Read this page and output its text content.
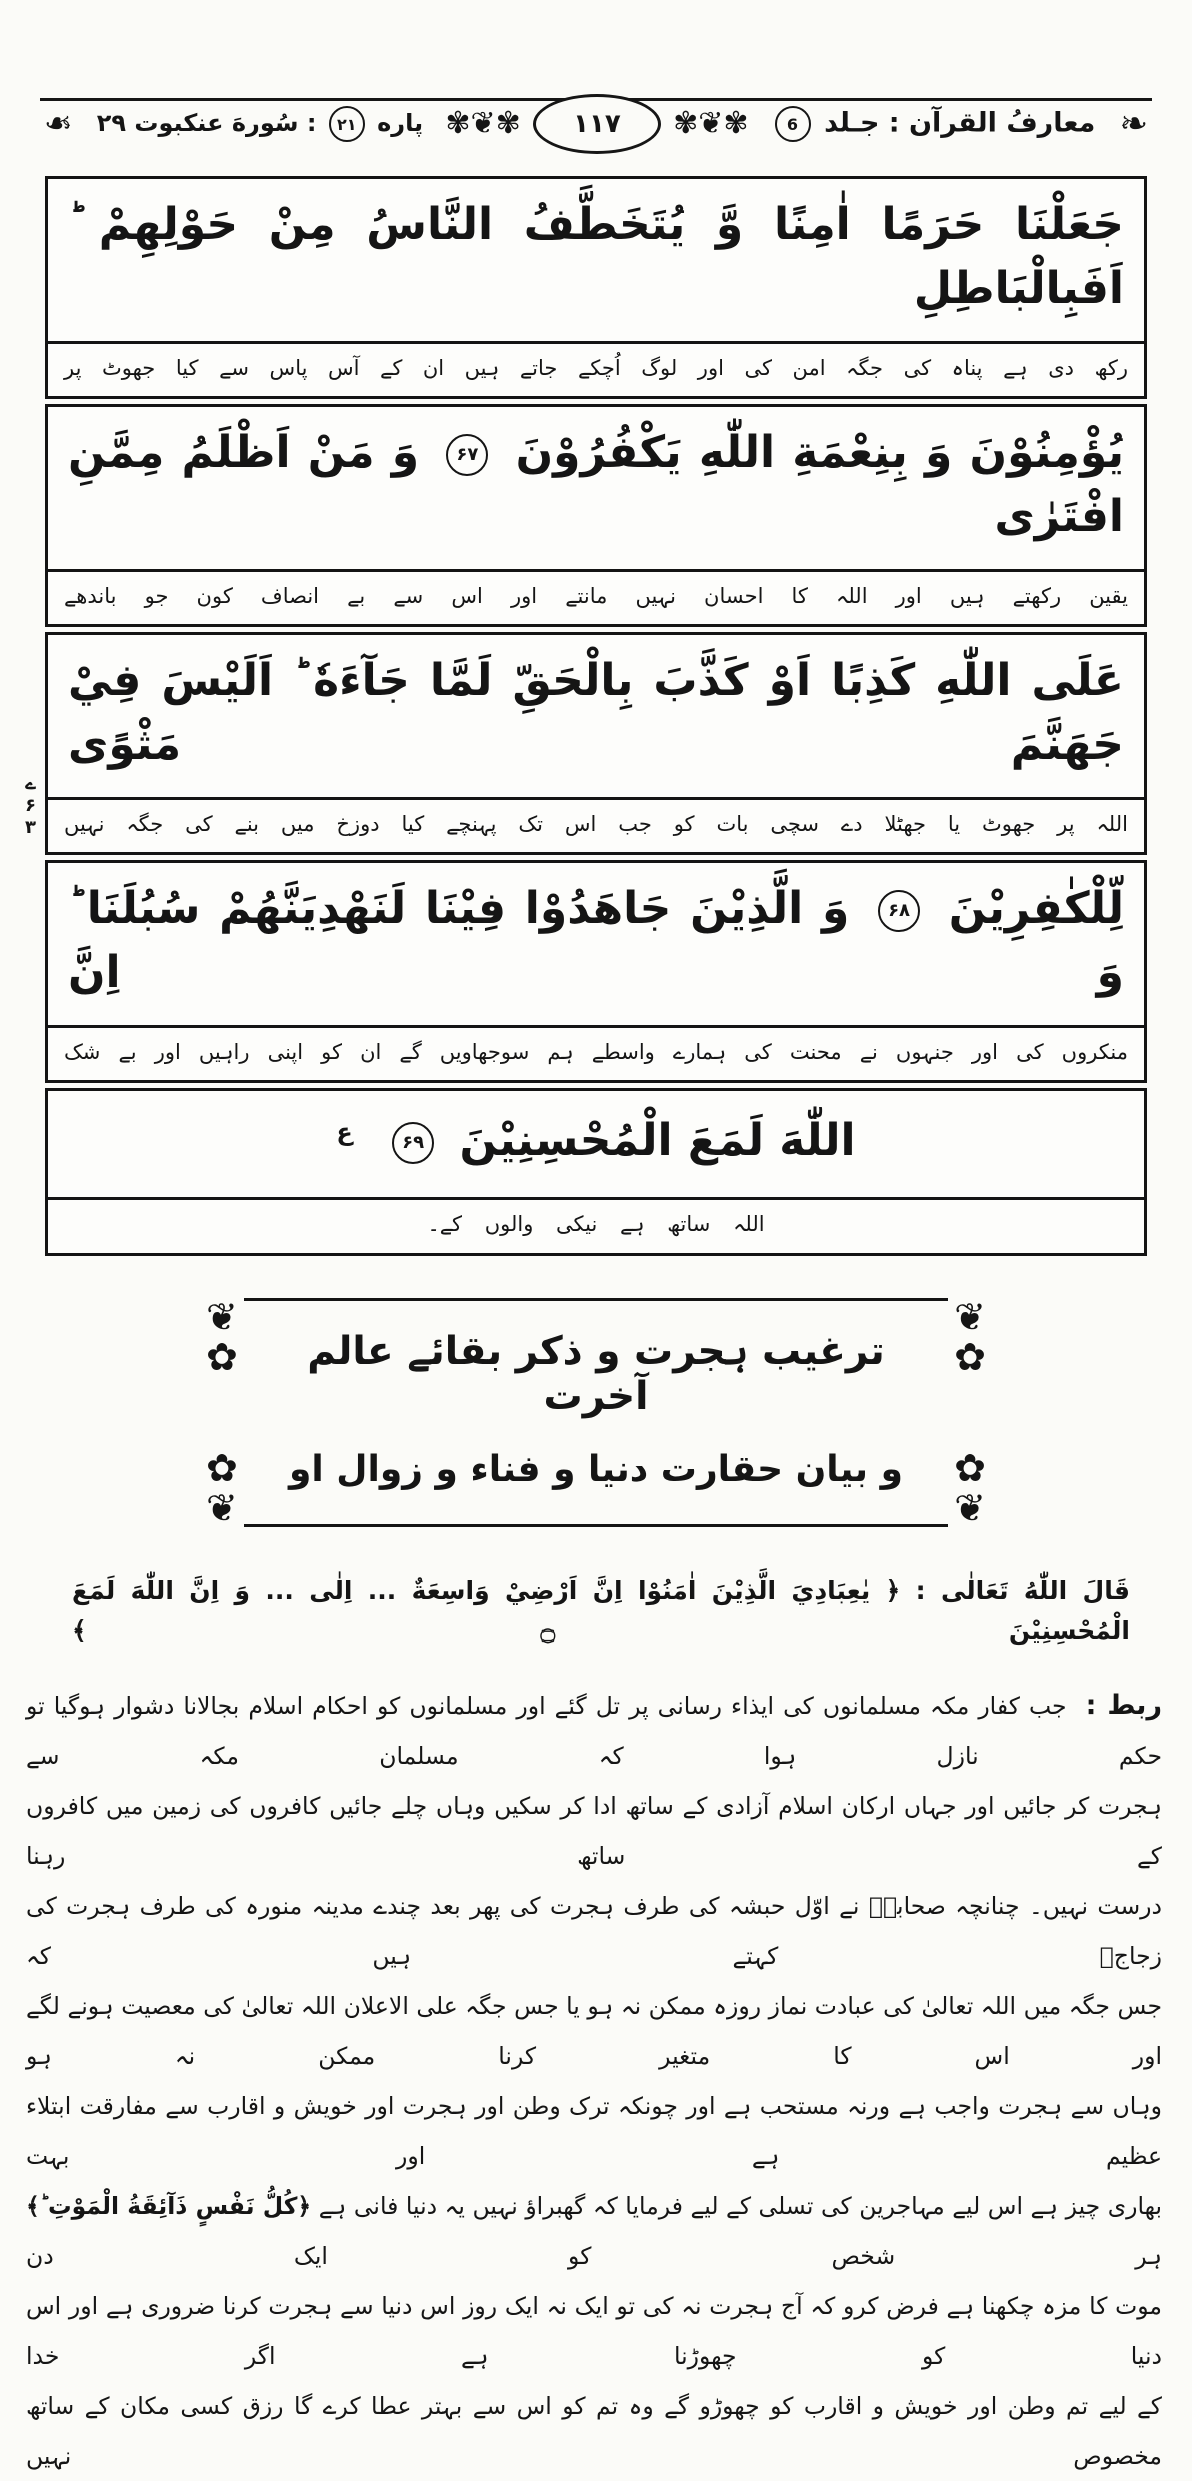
❧
معارفُ القرآن : جـلد 6
✾❦✾
١١٧
✾❦✾
پاره ۲۱ : سُورهَ عنكبوت ۲۹
❧
جَعَلْنَا حَرَمًا اٰمِنًا وَّ يُتَخَطَّفُ النَّاسُ مِنْ حَوْلِهِمْ ؕ اَفَبِالْبَاطِلِ
رکھ دی ہے پناہ کی جگہ امن کی اور لوگ اُچکے جاتے ہیں ان کے آس پاس سے کیا جھوٹ پر
يُؤْمِنُوْنَ وَ بِنِعْمَةِ اللّٰهِ يَكْفُرُوْنَ ۶۷ وَ مَنْ اَظْلَمُ مِمَّنِ افْتَرٰى
یقین رکھتے ہیں اور اللہ کا احسان نہیں مانتے اور اس سے بے انصاف کون جو باندھے
عَلَى اللّٰهِ كَذِبًا اَوْ كَذَّبَ بِالْحَقِّ لَمَّا جَآءَهٗ ؕ اَلَيْسَ فِيْ جَهَنَّمَ مَثْوًى
اللہ پر جھوٹ یا جھٹلا دے سچی بات کو جب اس تک پہنچے کیا دوزخ میں بنے کی جگہ نہیں
لِّلْكٰفِرِيْنَ ۶۸ وَ الَّذِيْنَ جَاهَدُوْا فِيْنَا لَنَهْدِيَنَّهُمْ سُبُلَنَا ؕ وَ اِنَّ
منکروں کی اور جنہوں نے محنت کی ہمارے واسطے ہم سوجھاویں گے ان کو اپنی راہیں اور بے شک
اللّٰهَ لَمَعَ الْمُحْسِنِيْنَ ۶۹ $^ع$
اللہ ساتھ ہے نیکی والوں کے۔
ے
۶
۳
❦
✿
✿
❦
ترغیب ہجرت و ذکر بقائے عالم آخرت
و بیان حقارت دنیا و فناء و زوال او
❦
✿
✿
❦
قَالَ اللّٰهُ تَعَالٰی : ﴿ يٰعِبَادِيَ الَّذِيْنَ اٰمَنُوْا اِنَّ اَرْضِيْ وَاسِعَةٌ ... اِلٰی ... وَ اِنَّ اللّٰهَ لَمَعَ الْمُحْسِنِيْنَ ۝ ﴾
ربط : جب کفار مکہ مسلمانوں کی ایذاء رسانی پر تل گئے اور مسلمانوں کو احکام اسلام بجالانا دشوار ہوگیا تو حکم نازل ہوا کہ مسلمان مکہ سے
ہجرت کر جائیں اور جہاں ارکان اسلام آزادی کے ساتھ ادا کر سکیں وہاں چلے جائیں کافروں کی زمین میں کافروں کے ساتھ رہنا
درست نہیں۔ چنانچہ صحابہؓ نے اوّل حبشہ کی طرف ہجرت کی پھر بعد چندے مدینہ منورہ کی طرف ہجرت کی زجاجؒ کہتے ہیں کہ
جس جگہ میں اللہ تعالیٰ کی عبادت نماز روزہ ممکن نہ ہو یا جس جگہ علی الاعلان اللہ تعالیٰ کی معصیت ہونے لگے اور اس کا متغیر کرنا ممکن نہ ہو
وہاں سے ہجرت واجب ہے ورنہ مستحب ہے اور چونکہ ترک وطن اور ہجرت اور خویش و اقارب سے مفارقت ابتلاء عظیم ہے اور بہت
بھاری چیز ہے اس لیے مہاجرین کی تسلی کے لیے فرمایا کہ گھبراؤ نہیں یہ دنیا فانی ہے ﴿كُلُّ نَفْسٍ ذَآئِقَةُ الْمَوْتِ ؕ﴾ ہر شخص کو ایک دن
موت کا مزہ چکھنا ہے فرض کرو کہ آج ہجرت نہ کی تو ایک نہ ایک روز اس دنیا سے ہجرت کرنا ضروری ہے اور اس دنیا کو چھوڑنا ہے اگر خدا
کے لیے تم وطن اور خویش و اقارب کو چھوڑو گے وہ تم کو اس سے بہتر عطا کرے گا رزق کسی مکان کے ساتھ مخصوص نہیں
